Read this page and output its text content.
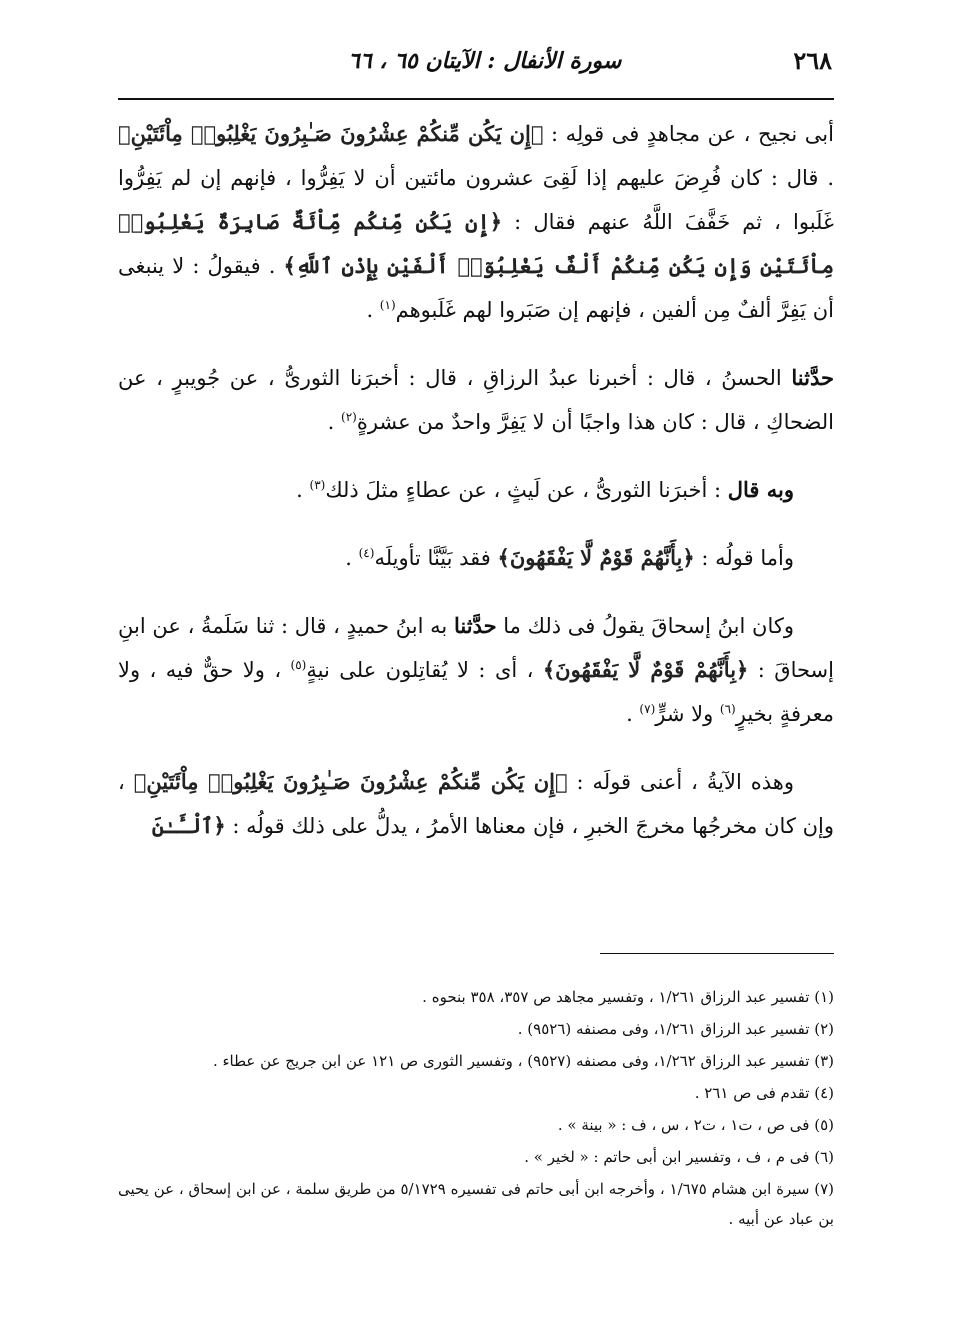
٢٦٨
سورة الأنفال : الآيتان ٦٥ ، ٦٦

أبى نجيح ، عن مجاهدٍ فى قولِه : ﴿إِن يَكُن مِّنكُمْ عِشْرُونَ صَـٰبِرُونَ يَغْلِبُوا۟ مِاْئَتَيْنِ﴾ . قال : كان فُرِضَ عليهم إذا لَقِىَ عشرون مائتين أن لا يَفِرُّوا ، فإنهم إن لم يَفِرُّوا غَلَبوا ، ثم خَفَّفَ اللَّهُ عنهم فقال : ﴿إِن يَكُن مِّنكُم مِّاْئَةٌ صَابِرَةٌ يَغْلِبُوا۟ مِاْئَتَيْنِ وَإِن يَكُن مِّنكُمْ أَلْفٌ يَغْلِبُوٓا۟ أَلْفَيْنِ بِإِذْنِ ٱللَّهِ﴾ . فيقولُ : لا ينبغى أن يَفِرَّ ألفٌ مِن ألفين ، فإنهم إن صَبَروا لهم غَلَبوهم$^{(١)}$ .

حدَّثنا الحسنُ ، قال : أخبرنا عبدُ الرزاقِ ، قال : أخبرَنا الثورىُّ ، عن جُويبرٍ ، عن الضحاكِ ، قال : كان هذا واجبًا أن لا يَفِرَّ واحدٌ من عشرةٍ$^{(٢)}$ .

وبه قال : أخبرَنا الثورىُّ ، عن لَيثٍ ، عن عطاءٍ مثلَ ذلك$^{(٣)}$ .

وأما قولُه : ﴿بِأَنَّهُمْ قَوْمٌ لَّا يَفْقَهُونَ﴾ فقد بَيَّنَّا تأويلَه$^{(٤)}$ .

وكان ابنُ إسحاقَ يقولُ فى ذلك ما حدَّثنا به ابنُ حميدٍ ، قال : ثنا سَلَمةُ ، عن ابنِ إسحاقَ : ﴿بِأَنَّهُمْ قَوْمٌ لَّا يَفْقَهُونَ﴾ ، أى : لا يُقاتِلون على نيةٍ$^{(٥)}$ ، ولا حقٌّ فيه ، ولا معرفةٍ بخيرٍ$^{(٦)}$ ولا شرٍّ$^{(٧)}$ .

وهذه الآيةُ ، أعنى قولَه : ﴿إِن يَكُن مِّنكُمْ عِشْرُونَ صَـٰبِرُونَ يَغْلِبُوا۟ مِاْئَتَيْنِ﴾ ، وإن كان مخرجُها مخرجَ الخبرِ ، فإن معناها الأمرُ ، يدلُّ على ذلك قولُه : ﴿ٱلْـَٔـٰنَ

(١) تفسير عبد الرزاق ١/٢٦١ ، وتفسير مجاهد ص ٣٥٧، ٣٥٨ بنحوه .

(٢) تفسير عبد الرزاق ١/٢٦١، وفى مصنفه (٩٥٢٦) .

(٣) تفسير عبد الرزاق ١/٢٦٢، وفى مصنفه (٩٥٢٧) ، وتفسير الثورى ص ١٢١ عن ابن جريج عن عطاء .

(٤) تقدم فى ص ٢٦١ .

(٥) فى ص ، ت١ ، ت٢ ، س ، ف : « بينة » .

(٦) فى م ، ف ، وتفسير ابن أبى حاتم : « لخير » .

(٧) سيرة ابن هشام ١/٦٧٥ ، وأخرجه ابن أبى حاتم فى تفسيره ٥/١٧٢٩ من طريق سلمة ، عن ابن إسحاق ، عن يحيى بن عباد عن أبيه .
